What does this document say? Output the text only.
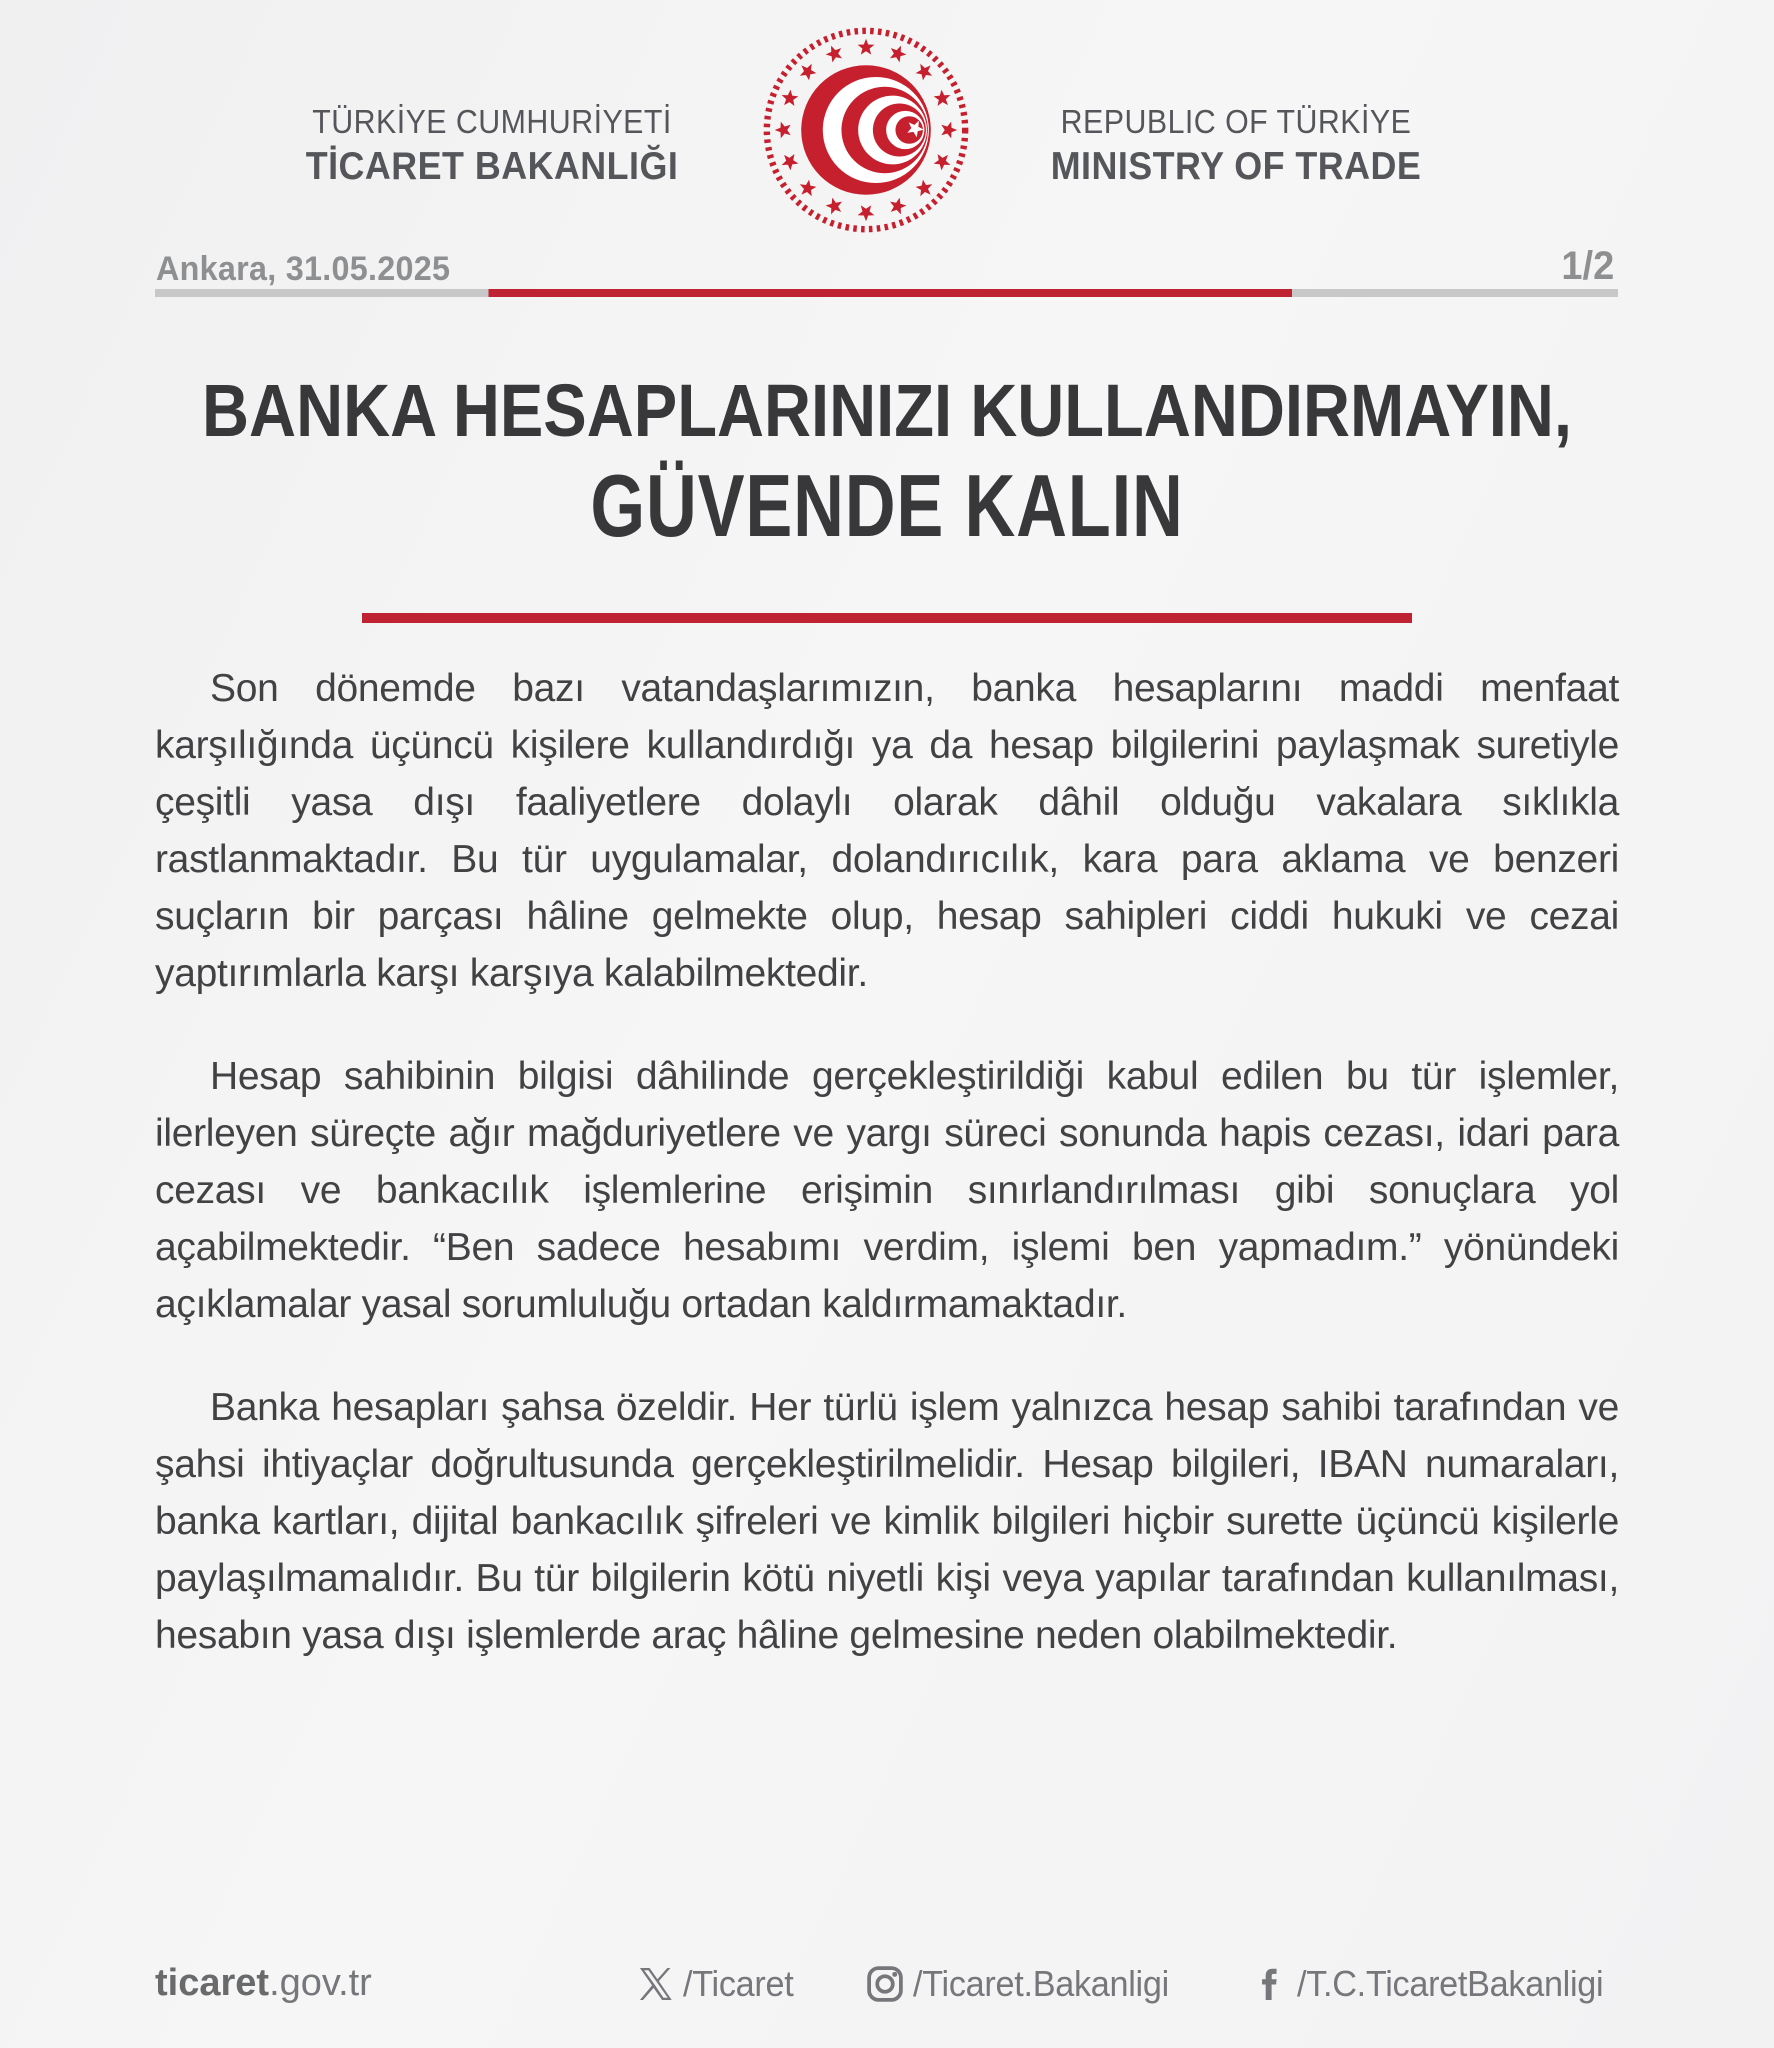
TÜRKİYE CUMHURİYETİ
TİCARET BAKANLIĞI
REPUBLIC OF TÜRKİYE
MINISTRY OF TRADE
Ankara, 31.05.2025	1/2
BANKA HESAPLARINIZI KULLANDIRMAYIN,
GÜVENDE KALIN

Son dönemde bazı vatandaşlarımızın, banka hesaplarını maddi menfaat karşılığında üçüncü kişilere kullandırdığı ya da hesap bilgilerini paylaşmak suretiyle çeşitli yasa dışı faaliyetlere dolaylı olarak dâhil olduğu vakalara sıklıkla rastlanmaktadır. Bu tür uygulamalar, dolandırıcılık, kara para aklama ve benzeri suçların bir parçası hâline gelmekte olup, hesap sahipleri ciddi hukuki ve cezai yaptırımlarla karşı karşıya kalabilmektedir.

Hesap sahibinin bilgisi dâhilinde gerçekleştirildiği kabul edilen bu tür işlemler, ilerleyen süreçte ağır mağduriyetlere ve yargı süreci sonunda hapis cezası, idari para cezası ve bankacılık işlemlerine erişimin sınırlandırılması gibi sonuçlara yol açabilmektedir. “Ben sadece hesabımı verdim, işlemi ben yapmadım.” yönündeki açıklamalar yasal sorumluluğu ortadan kaldırmamaktadır.

Banka hesapları şahsa özeldir. Her türlü işlem yalnızca hesap sahibi tarafından ve şahsi ihtiyaçlar doğrultusunda gerçekleştirilmelidir. Hesap bilgileri, IBAN numaraları, banka kartları, dijital bankacılık şifreleri ve kimlik bilgileri hiçbir surette üçüncü kişilerle paylaşılmamalıdır. Bu tür bilgilerin kötü niyetli kişi veya yapılar tarafından kullanılması, hesabın yasa dışı işlemlerde araç hâline gelmesine neden olabilmektedir.

ticaret.gov.tr	/Ticaret	/Ticaret.Bakanligi	/T.C.TicaretBakanligi
